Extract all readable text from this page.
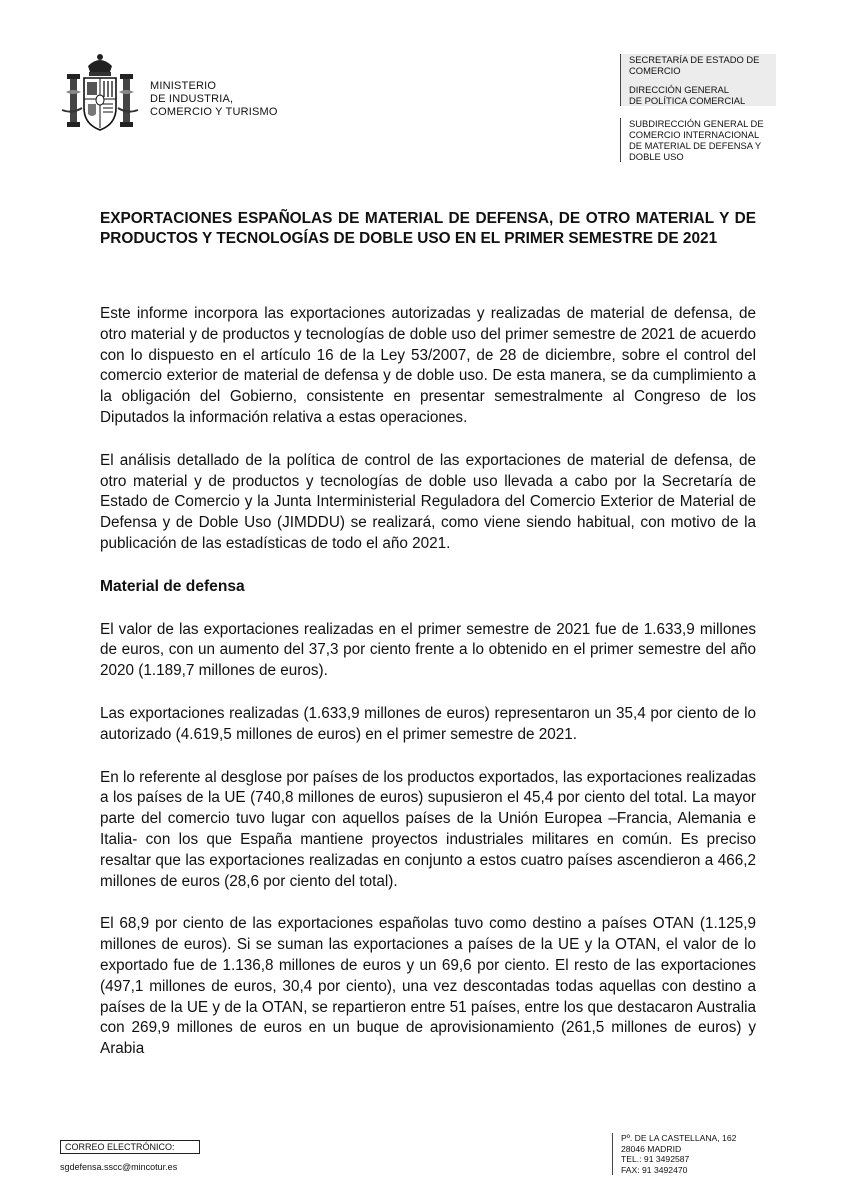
MINISTERIO
DE INDUSTRIA,
COMERCIO Y TURISMO
SECRETARÍA DE ESTADO DE
COMERCIO
DIRECCIÓN GENERAL
DE POLÍTICA COMERCIAL
SUBDIRECCIÓN GENERAL DE
COMERCIO INTERNACIONAL
DE MATERIAL DE DEFENSA Y
DOBLE USO
EXPORTACIONES ESPAÑOLAS DE MATERIAL DE DEFENSA, DE OTRO MATERIAL Y DE PRODUCTOS Y TECNOLOGÍAS DE DOBLE USO EN EL PRIMER SEMESTRE DE 2021

Este informe incorpora las exportaciones autorizadas y realizadas de material de defensa, de otro material y de productos y tecnologías de doble uso del primer semestre de 2021 de acuerdo con lo dispuesto en el artículo 16 de la Ley 53/2007, de 28 de diciembre, sobre el control del comercio exterior de material de defensa y de doble uso. De esta manera, se da cumplimiento a la obligación del Gobierno, consistente en presentar semestralmente al Congreso de los Diputados la información relativa a estas operaciones.

El análisis detallado de la política de control de las exportaciones de material de defensa, de otro material y de productos y tecnologías de doble uso llevada a cabo por la Secretaría de Estado de Comercio y la Junta Interministerial Reguladora del Comercio Exterior de Material de Defensa y de Doble Uso (JIMDDU) se realizará, como viene siendo habitual, con motivo de la publicación de las estadísticas de todo el año 2021.

Material de defensa

El valor de las exportaciones realizadas en el primer semestre de 2021 fue de 1.633,9 millones de euros, con un aumento del 37,3 por ciento frente a lo obtenido en el primer semestre del año 2020 (1.189,7 millones de euros).

Las exportaciones realizadas (1.633,9 millones de euros) representaron un 35,4 por ciento de lo autorizado (4.619,5 millones de euros) en el primer semestre de 2021.

En lo referente al desglose por países de los productos exportados, las exportaciones realizadas a los países de la UE (740,8 millones de euros) supusieron el 45,4 por ciento del total. La mayor parte del comercio tuvo lugar con aquellos países de la Unión Europea –Francia, Alemania e Italia- con los que España mantiene proyectos industriales militares en común. Es preciso resaltar que las exportaciones realizadas en conjunto a estos cuatro países ascendieron a 466,2 millones de euros (28,6 por ciento del total).

El 68,9 por ciento de las exportaciones españolas tuvo como destino a países OTAN (1.125,9 millones de euros). Si se suman las exportaciones a países de la UE y la OTAN, el valor de lo exportado fue de 1.136,8 millones de euros y un 69,6 por ciento. El resto de las exportaciones (497,1 millones de euros, 30,4 por ciento), una vez descontadas todas aquellas con destino a países de la UE y de la OTAN, se repartieron entre 51 países, entre los que destacaron Australia con 269,9 millones de euros en un buque de aprovisionamiento (261,5 millones de euros) y Arabia

CORREO ELECTRÓNICO:
sgdefensa.sscc@mincotur.es
Pº. DE LA CASTELLANA, 162
28046 MADRID
TEL.: 91 3492587
FAX: 91 3492470
